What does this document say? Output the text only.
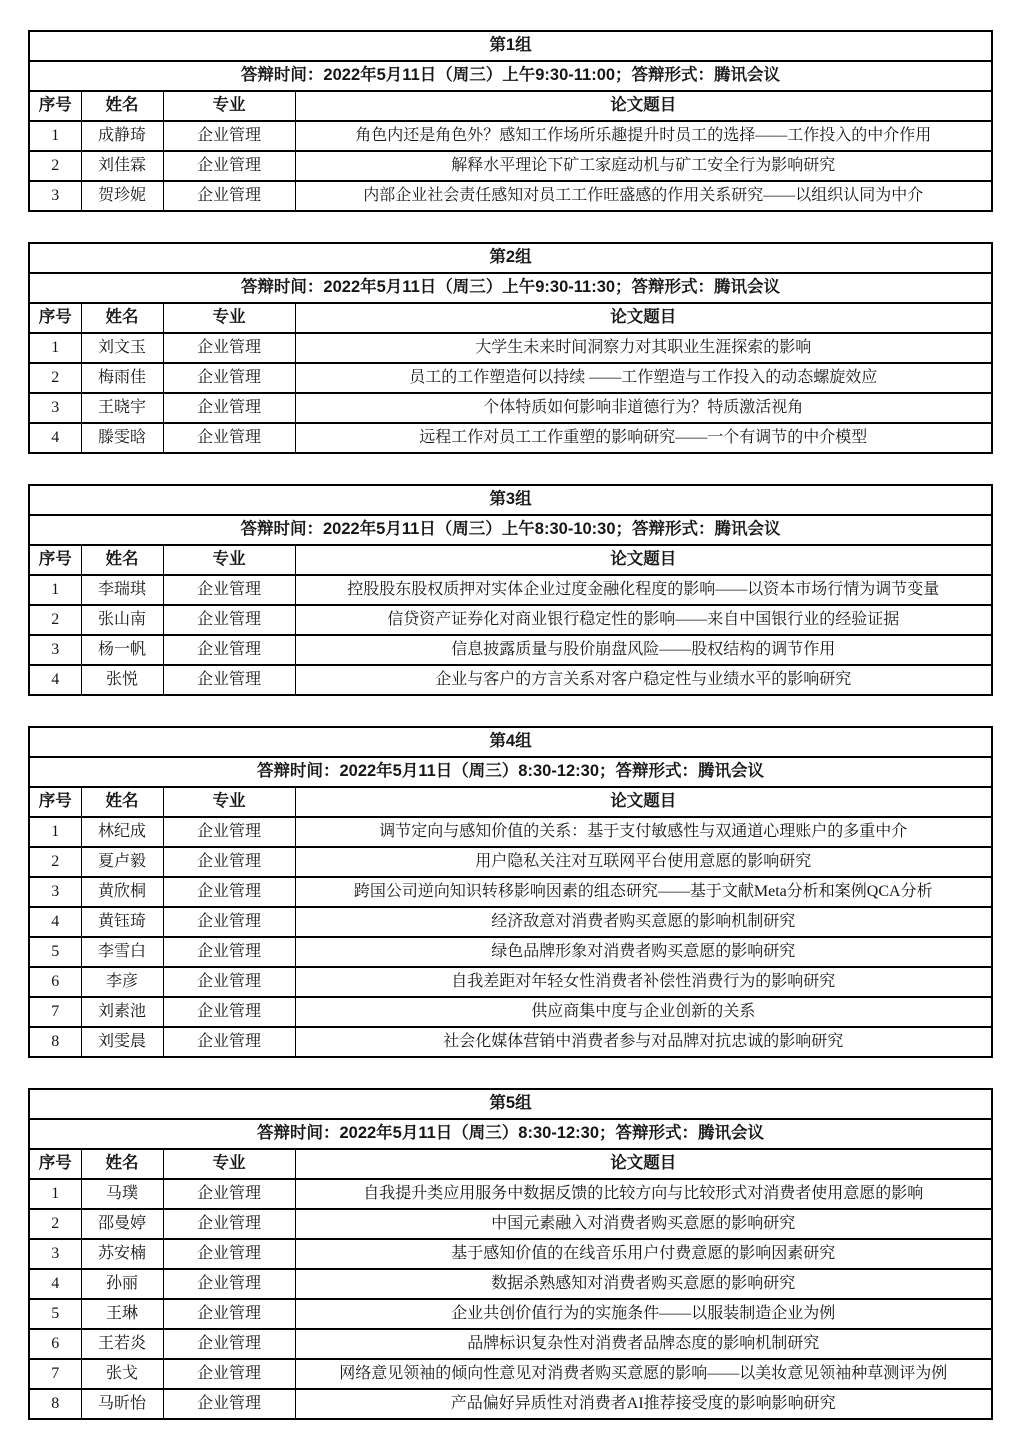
第1组			
答辩时间：2022年5月11日（周三）上午9:30-11:00；答辩形式：腾讯会议			
序号	姓名	专业	论文题目
1	成静琦	企业管理	角色内还是角色外？感知工作场所乐趣提升时员工的选择——工作投入的中介作用
2	刘佳霖	企业管理	解释水平理论下矿工家庭动机与矿工安全行为影响研究
3	贺珍妮	企业管理	内部企业社会责任感知对员工工作旺盛感的作用关系研究——以组织认同为中介
第2组			
答辩时间：2022年5月11日（周三）上午9:30-11:30；答辩形式：腾讯会议			
序号	姓名	专业	论文题目
1	刘文玉	企业管理	大学生未来时间洞察力对其职业生涯探索的影响
2	梅雨佳	企业管理	员工的工作塑造何以持续 ——工作塑造与工作投入的动态螺旋效应
3	王晓宇	企业管理	个体特质如何影响非道德行为？特质激活视角
4	滕雯晗	企业管理	远程工作对员工工作重塑的影响研究——一个有调节的中介模型
第3组			
答辩时间：2022年5月11日（周三）上午8:30-10:30；答辩形式：腾讯会议			
序号	姓名	专业	论文题目
1	李瑞琪	企业管理	控股股东股权质押对实体企业过度金融化程度的影响——以资本市场行情为调节变量
2	张山南	企业管理	信贷资产证券化对商业银行稳定性的影响——来自中国银行业的经验证据
3	杨一帆	企业管理	信息披露质量与股价崩盘风险——股权结构的调节作用
4	张悦	企业管理	企业与客户的方言关系对客户稳定性与业绩水平的影响研究
第4组			
答辩时间：2022年5月11日（周三）8:30-12:30；答辩形式：腾讯会议			
序号	姓名	专业	论文题目
1	林纪成	企业管理	调节定向与感知价值的关系：基于支付敏感性与双通道心理账户的多重中介
2	夏卢毅	企业管理	用户隐私关注对互联网平台使用意愿的影响研究
3	黄欣桐	企业管理	跨国公司逆向知识转移影响因素的组态研究——基于文献Meta分析和案例QCA分析
4	黄钰琦	企业管理	经济敌意对消费者购买意愿的影响机制研究
5	李雪白	企业管理	绿色品牌形象对消费者购买意愿的影响研究
6	李彦	企业管理	自我差距对年轻女性消费者补偿性消费行为的影响研究
7	刘素池	企业管理	供应商集中度与企业创新的关系
8	刘雯晨	企业管理	社会化媒体营销中消费者参与对品牌对抗忠诚的影响研究
第5组			
答辩时间：2022年5月11日（周三）8:30-12:30；答辩形式：腾讯会议			
序号	姓名	专业	论文题目
1	马璞	企业管理	自我提升类应用服务中数据反馈的比较方向与比较形式对消费者使用意愿的影响
2	邵曼婷	企业管理	中国元素融入对消费者购买意愿的影响研究
3	苏安楠	企业管理	基于感知价值的在线音乐用户付费意愿的影响因素研究
4	孙丽	企业管理	数据杀熟感知对消费者购买意愿的影响研究
5	王琳	企业管理	企业共创价值行为的实施条件——以服装制造企业为例
6	王若炎	企业管理	品牌标识复杂性对消费者品牌态度的影响机制研究
7	张戈	企业管理	网络意见领袖的倾向性意见对消费者购买意愿的影响——以美妆意见领袖种草测评为例
8	马昕怡	企业管理	产品偏好异质性对消费者AI推荐接受度的影响影响研究
